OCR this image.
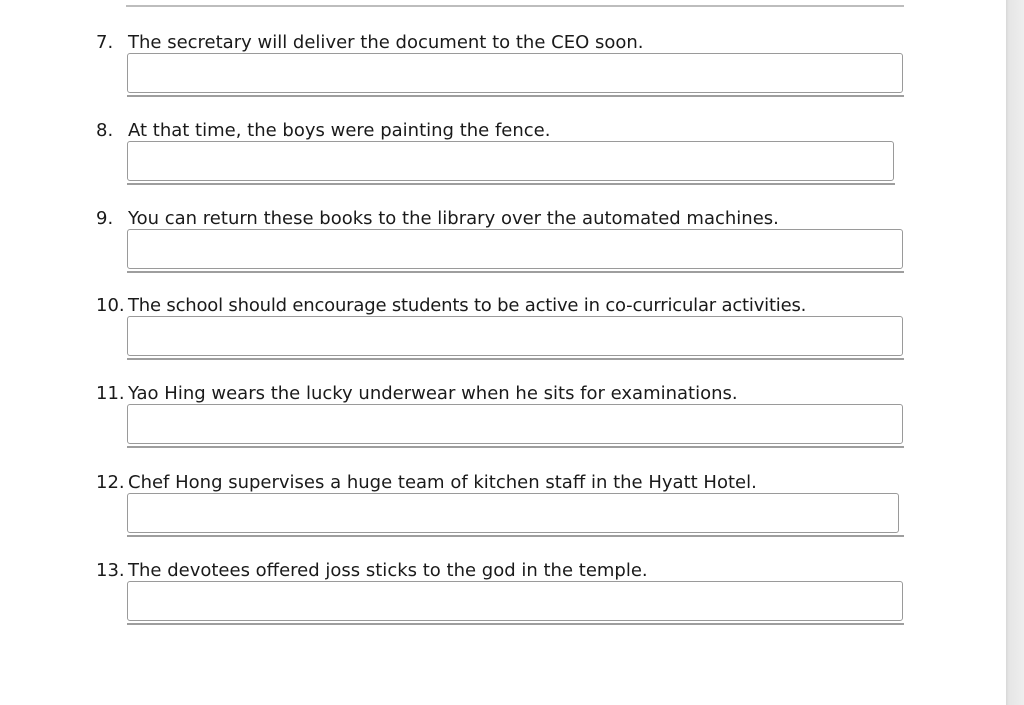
7. The secretary will deliver the document to the CEO soon.
8. At that time, the boys were painting the fence.
9. You can return these books to the library over the automated machines.
10. The school should encourage students to be active in co-curricular activities.
11. Yao Hing wears the lucky underwear when he sits for examinations.
12. Chef Hong supervises a huge team of kitchen staff in the Hyatt Hotel.
13. The devotees offered joss sticks to the god in the temple.
